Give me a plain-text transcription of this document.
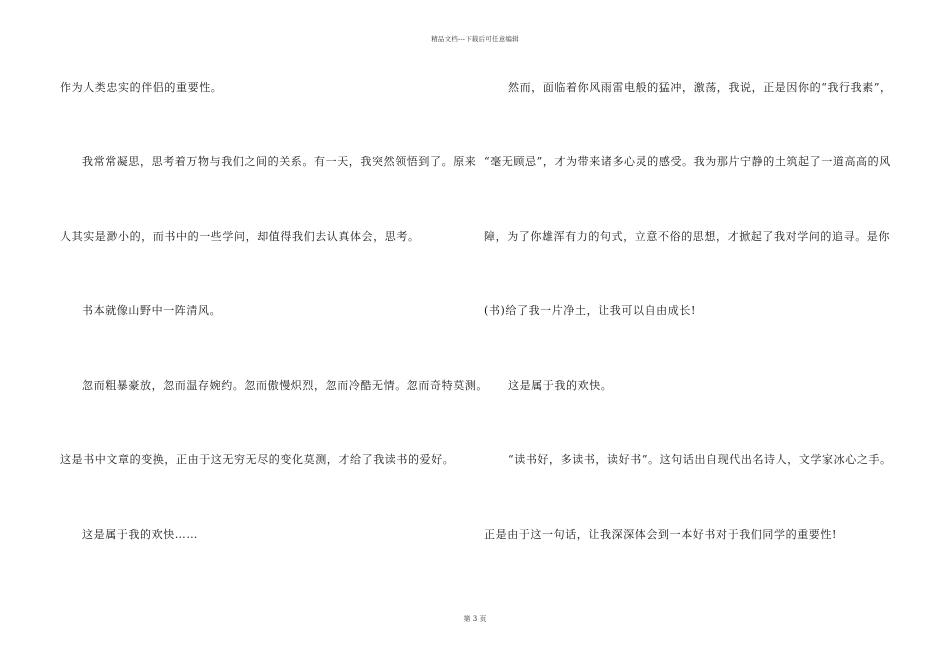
精品文档---下载后可任意编辑
作为人类忠实的伴侣的重要性。
我常常凝思，思考着万物与我们之间的关系。有一天，我突然领悟到了。原来
人其实是渺小的，而书中的一些学问，却值得我们去认真体会，思考。
书本就像山野中一阵清风。
忽而粗暴豪放，忽而温存婉约。忽而傲慢炽烈，忽而冷酷无情。忽而奇特莫测。
这是书中文章的变换，正由于这无穷无尽的变化莫测，才给了我读书的爱好。
这是属于我的欢快……
然而，面临着你风雨雷电般的猛冲，激荡，我说，正是因你的“我行我素”，
“毫无顾忌”，才为带来诸多心灵的感受。我为那片宁静的土筑起了一道高高的风
障，为了你雄浑有力的句式，立意不俗的思想，才掀起了我对学问的追寻。是你
(书)给了我一片净土，让我可以自由成长!
这是属于我的欢快。
“读书好，多读书，读好书”。这句话出自现代出名诗人，文学家冰心之手。
正是由于这一句话，让我深深体会到一本好书对于我们同学的重要性!
第 3 页
